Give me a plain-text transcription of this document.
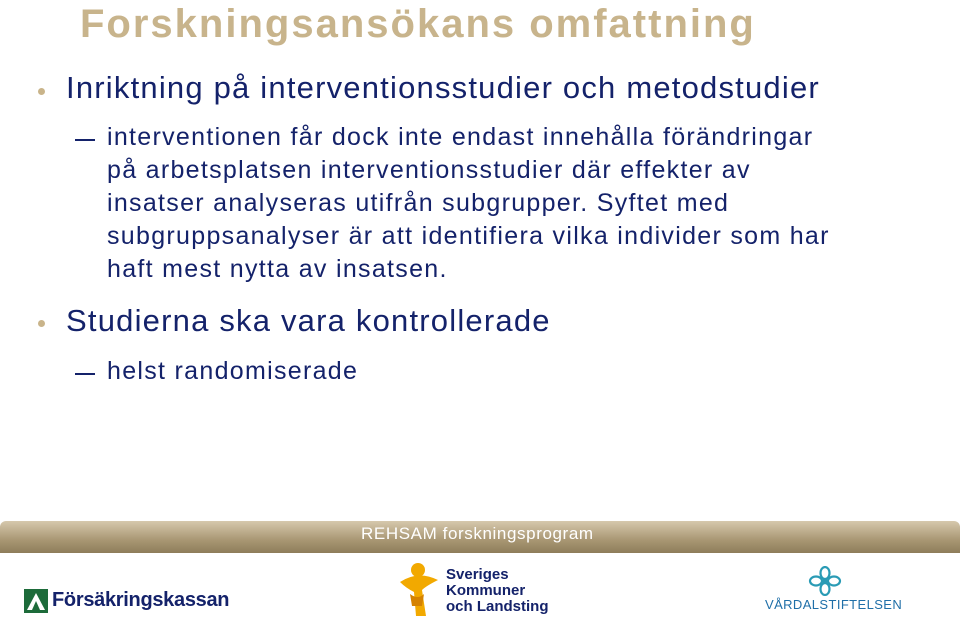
Forskningsansökans omfattning
Inriktning på interventionsstudier och metodstudier
interventionen får dock inte endast innehålla förändringar
på arbetsplatsen interventionsstudier där effekter av
insatser analyseras utifrån subgrupper. Syftet med
subgruppsanalyser är att identifiera vilka individer som har
haft mest nytta av insatsen.
Studierna ska vara kontrollerade
helst randomiserade
REHSAM forskningsprogram
Försäkringskassan
Sveriges
Kommuner
och Landsting	VÅRDALSTIFTELSEN
